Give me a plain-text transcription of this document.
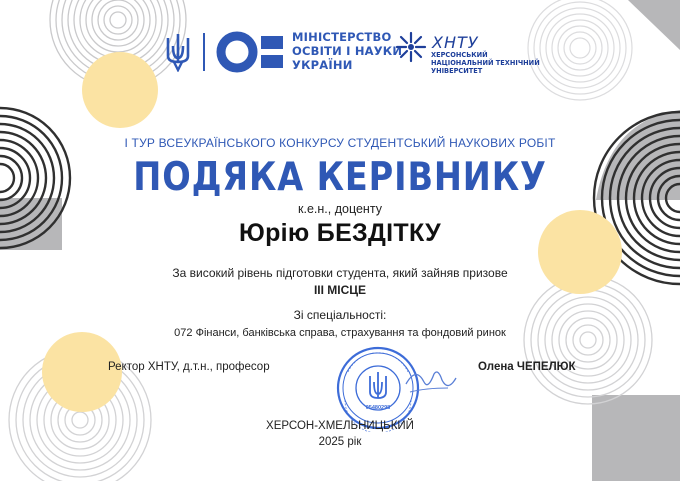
МІНІСТЕРСТВО
ОСВІТИ І НАУКИ
УКРАЇНИ
ХНТУ
ХЕРСОНСЬКИЙ
НАЦІОНАЛЬНИЙ ТЕХНІЧНИЙ
УНІВЕРСИТЕТ
І ТУР ВСЕУКРАЇНСЬКОГО КОНКУРСУ СТУДЕНТСЬКИЙ НАУКОВИХ РОБІТ
ПОДЯКА КЕРІВНИКУ
к.е.н., доценту
Юрію БЕЗДІТКУ
За високий рівень підготовки студента, який зайняв призове
ІІІ МІСЦЕ
Зі спеціальності:
072 Фінанси, банківська справа, страхування та фондовий ринок
Ректор ХНТУ, д.т.н., професор	Олена ЧЕПЕЛЮК
05480298
ХЕРСОН-ХМЕЛЬНИЦЬКИЙ
2025 рік
